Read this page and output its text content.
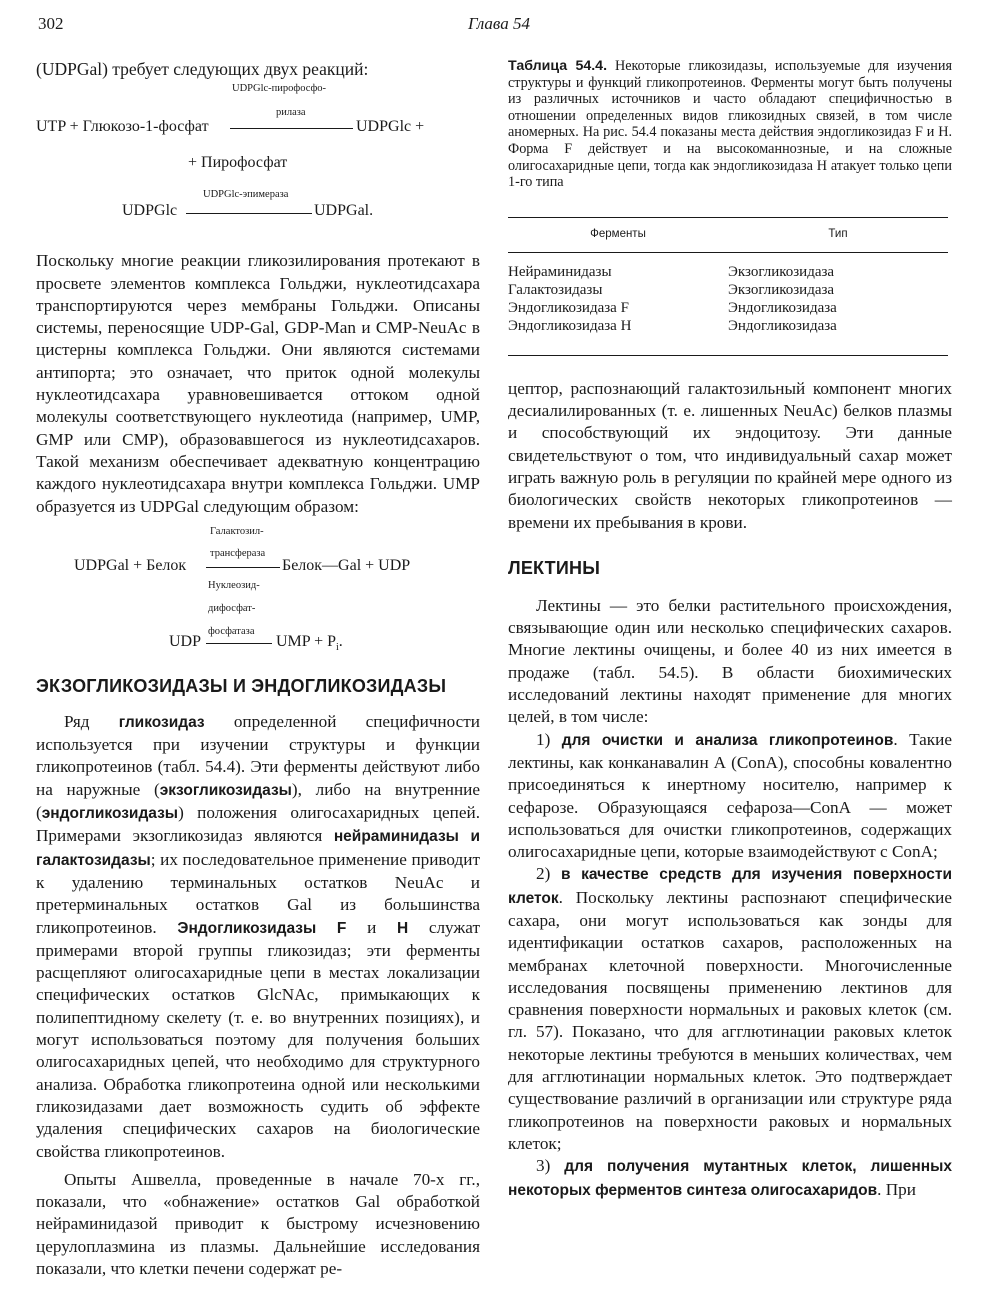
302	Глава 54

(UDPGal) требует следующих двух реакций:

UDPGlc-пирофосфо-
рилаза
UTP + Глюкозо-1-фосфат	UDPGlc +
+ Пирофосфат
UDPGlc-эпимераза
UDPGlc	UDPGal.

Поскольку многие реакции гликозилирования протекают в просвете элементов комплекса Гольджи, нуклеотидсахара транспортируются через мембраны Гольджи. Описаны системы, переносящие UDP-Gal, GDP-Man и CMP-NeuAc в цистерны комплекса Гольджи. Они являются системами антипорта; это означает, что приток одной молекулы нуклеотидсахара уравновешивается оттоком одной молекулы соответствующего нуклеотида (например, UMP, GMP или CMP), образовавшегося из нуклеотидсахаров. Такой механизм обеспечивает адекватную концентрацию каждого нуклеотидсахара внутри комплекса Гольджи. UMP образуется из UDPGal следующим образом:

Галактозил-
трансфераза
UDPGal + Белок	Белок—Gal + UDP
Нуклеозид-
дифосфат-
фосфатаза
UDP	UMP + $P_i$.
ЭКЗОГЛИКОЗИДАЗЫ И ЭНДОГЛИКОЗИДАЗЫ

Ряд гликозидаз определенной специфичности используется при изучении структуры и функции гликопротеинов (табл. 54.4). Эти ферменты действуют либо на наружные (экзогликозидазы), либо на внутренние (эндогликозидазы) положения олигосахаридных цепей. Примерами экзогликозидаз являются нейраминидазы и галактозидазы; их последовательное применение приводит к удалению терминальных остатков NeuAc и претерминальных остатков Gal из большинства гликопротеинов. Эндогликозидазы F и H служат примерами второй группы гликозидаз; эти ферменты расщепляют олигосахаридные цепи в местах локализации специфических остатков GlcNAc, примыкающих к полипептидному скелету (т. е. во внутренних позициях), и могут использоваться поэтому для получения больших олигосахаридных цепей, что необходимо для структурного анализа. Обработка гликопротеина одной или несколькими гликозидазами дает возможность судить об эффекте удаления специфических сахаров на биологические свойства гликопротеинов.

Опыты Ашвелла, проведенные в начале 70-х гг., показали, что «обнажение» остатков Gal обработкой нейраминидазой приводит к быстрому исчезновению церулоплазмина из плазмы. Дальнейшие исследования показали, что клетки печени содержат ре-

Таблица 54.4. Некоторые гликозидазы, используемые для изучения структуры и функций гликопротеинов. Ферменты могут быть получены из различных источников и часто обладают специфичностью в отношении определенных видов гликозидных связей, в том числе аномерных. На рис. 54.4 показаны места действия эндогликозидаз F и Н. Форма F действует и на высокоманнозные, и на сложные олигосахаридные цепи, тогда как эндогликозидаза Н атакует только цепи 1-го типа

Ферменты	Тип
Нейраминидазы	Экзогликозидаза
Галактозидазы	Экзогликозидаза
Эндогликозидаза F	Эндогликозидаза
Эндогликозидаза Н	Эндогликозидаза

цептор, распознающий галактозильный компонент многих десиалилированных (т. е. лишенных NeuAc) белков плазмы и способствующий их эндоцитозу. Эти данные свидетельствуют о том, что индивидуальный сахар может играть важную роль в регуляции по крайней мере одного из биологических свойств некоторых гликопротеинов — времени их пребывания в крови.

ЛЕКТИНЫ

Лектины — это белки растительного происхождения, связывающие один или несколько специфических сахаров. Многие лектины очищены, и более 40 из них имеется в продаже (табл. 54.5). В области биохимических исследований лектины находят применение для многих целей, в том числе:

1) для очистки и анализа гликопротеинов. Такие лектины, как конканавалин А (ConA), способны ковалентно присоединяться к инертному носителю, например к сефарозе. Образующаяся сефароза—ConA — может использоваться для очистки гликопротеинов, содержащих олигосахаридные цепи, которые взаимодействуют с ConA;

2) в качестве средств для изучения поверхности клеток. Поскольку лектины распознают специфические сахара, они могут использоваться как зонды для идентификации остатков сахаров, расположенных на мембранах клеточной поверхности. Многочисленные исследования посвящены применению лектинов для сравнения поверхности нормальных и раковых клеток (см. гл. 57). Показано, что для агглютинации раковых клеток некоторые лектины требуются в меньших количествах, чем для агглютинации нормальных клеток. Это подтверждает существование различий в организации или структуре ряда гликопротеинов на поверхности раковых и нормальных клеток;

3) для получения мутантных клеток, лишенных некоторых ферментов синтеза олигосахаридов. При
